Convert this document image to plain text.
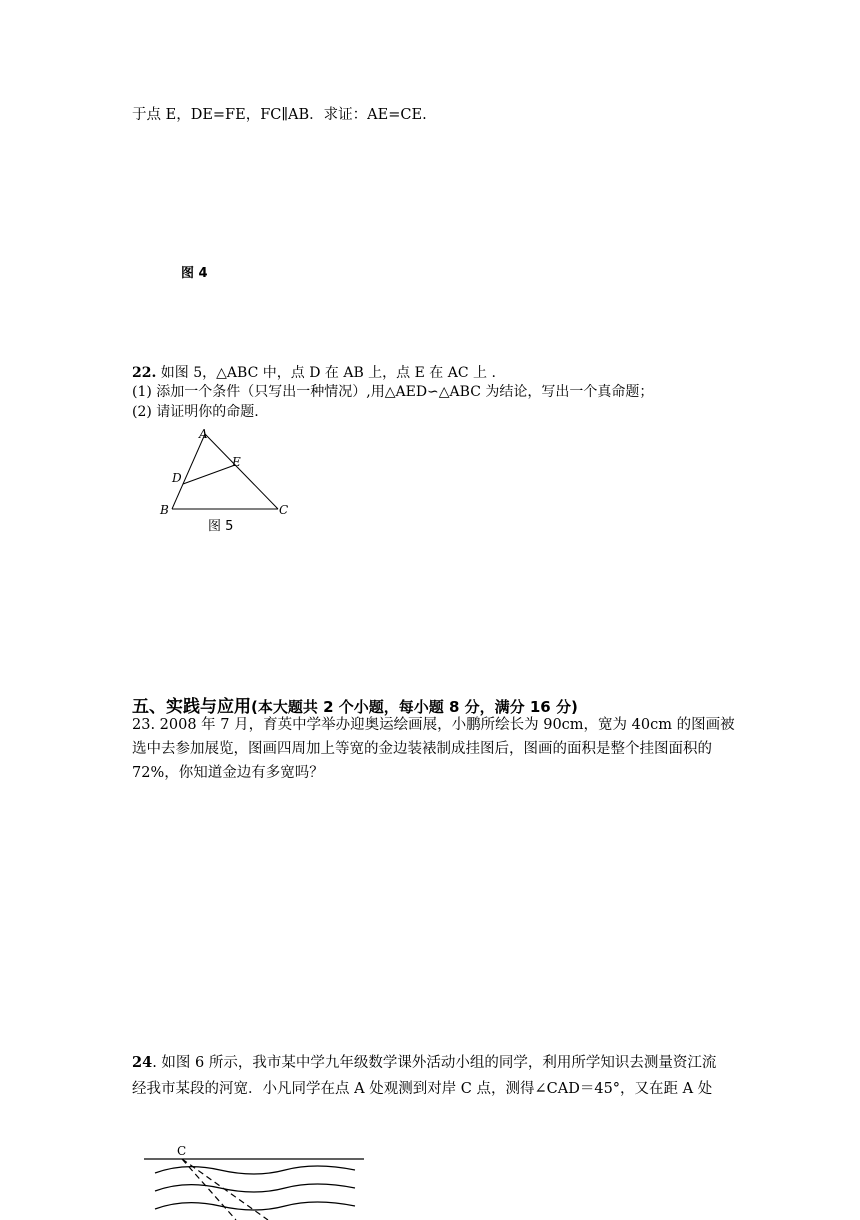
于点 E，DE=FE，FC∥AB．求证：AE=CE.
图 4
22. 如图 5，△ABC 中，点 D 在 AB 上，点 E 在 AC 上 .
(1) 添加一个条件（只写出一种情况）,用△AED∽△ABC 为结论，写出一个真命题；
(2) 请证明你的命题.
A
B	C
D
E
图 5
五、实践与应用(本大题共 2 个小题，每小题 8 分，满分 16 分)
23. 2008 年 7 月，育英中学举办迎奥运绘画展，小鹏所绘长为 90cm，宽为 40cm 的图画被
选中去参加展览，图画四周加上等宽的金边装裱制成挂图后，图画的面积是整个挂图面积的
72%，你知道金边有多宽吗？
24. 如图 6 所示，我市某中学九年级数学课外活动小组的同学，利用所学知识去测量资江流
经我市某段的河宽．小凡同学在点 A 处观测到对岸 C 点，测得∠CAD＝45°，又在距 A 处
C
